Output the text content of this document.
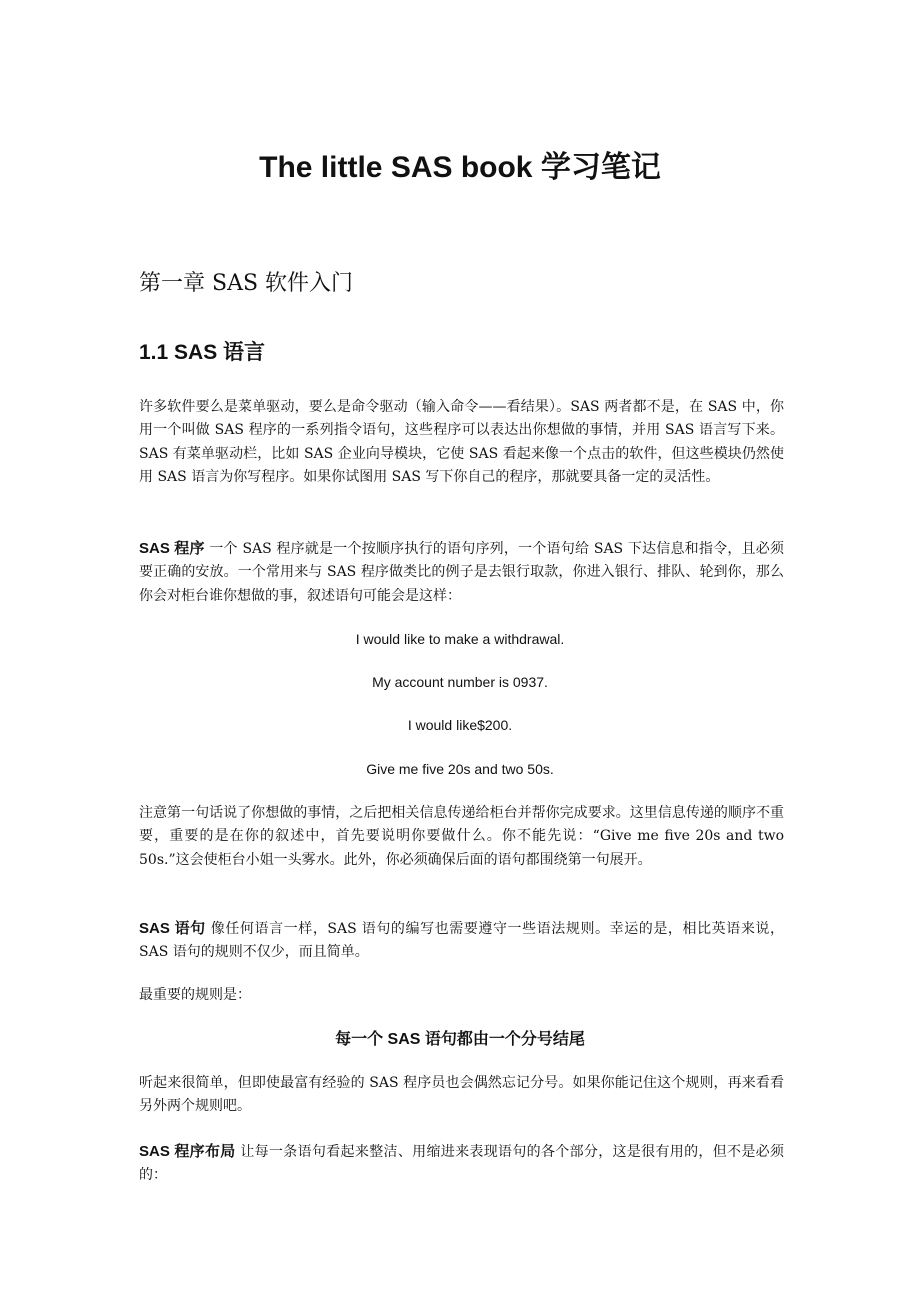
The little SAS book 学习笔记
第一章 SAS 软件入门
1.1 SAS 语言
许多软件要么是菜单驱动，要么是命令驱动（输入命令——看结果）。SAS 两者都不是，在 SAS 中，你用一个叫做 SAS 程序的一系列指令语句，这些程序可以表达出你想做的事情，并用 SAS 语言写下来。SAS 有菜单驱动栏，比如 SAS 企业向导模块，它使 SAS 看起来像一个点击的软件，但这些模块仍然使用 SAS 语言为你写程序。如果你试图用 SAS 写下你自己的程序，那就要具备一定的灵活性。
SAS 程序 一个 SAS 程序就是一个按顺序执行的语句序列，一个语句给 SAS 下达信息和指令，且必须要正确的安放。一个常用来与 SAS 程序做类比的例子是去银行取款，你进入银行、排队、轮到你，那么你会对柜台谁你想做的事，叙述语句可能会是这样：
I would like to make a withdrawal.
My account number is 0937.
I would like$200.
Give me five 20s and two 50s.
注意第一句话说了你想做的事情，之后把相关信息传递给柜台并帮你完成要求。这里信息传递的顺序不重要，重要的是在你的叙述中，首先要说明你要做什么。你不能先说：“Give me five 20s and two 50s.”这会使柜台小姐一头雾水。此外，你必须确保后面的语句都围绕第一句展开。
SAS 语句 像任何语言一样，SAS 语句的编写也需要遵守一些语法规则。幸运的是，相比英语来说，SAS 语句的规则不仅少，而且简单。
最重要的规则是：
每一个 SAS 语句都由一个分号结尾
听起来很简单，但即使最富有经验的 SAS 程序员也会偶然忘记分号。如果你能记住这个规则，再来看看另外两个规则吧。
SAS 程序布局 让每一条语句看起来整洁、用缩进来表现语句的各个部分，这是很有用的，但不是必须的：
